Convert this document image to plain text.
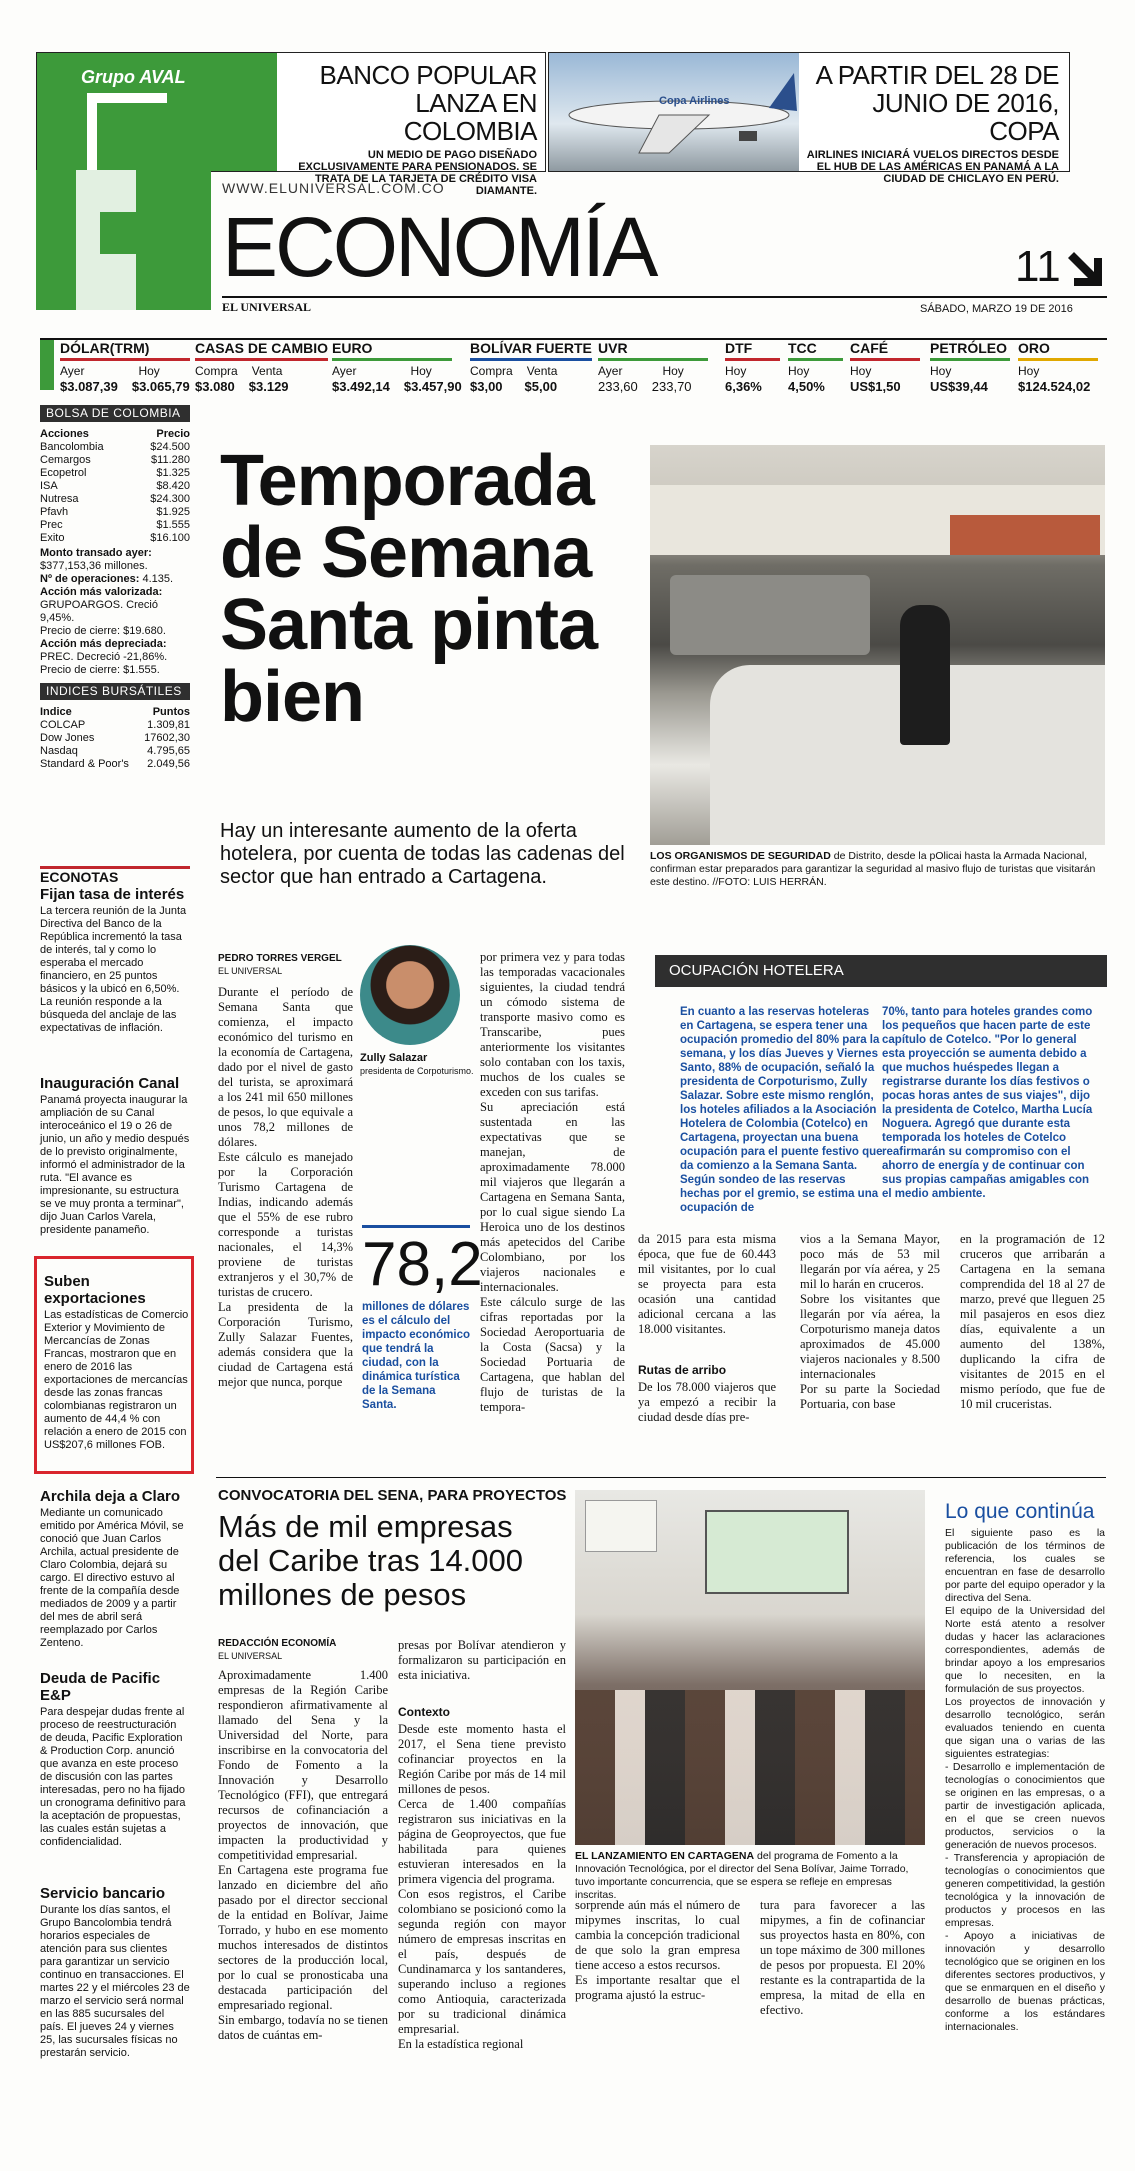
Grupo AVAL	BANCO POPULAR LANZA EN COLOMBIA

UN MEDIO DE PAGO DISEÑADO EXCLUSIVAMENTE PARA PENSIONADOS. SE TRATA DE LA TARJETA DE CRÉDITO VISA DIAMANTE.

Copa Airlines
A PARTIR DEL 28 DE JUNIO DE 2016, COPA

AIRLINES INICIARÁ VUELOS DIRECTOS DESDE EL HUB DE LAS AMÉRICAS EN PANAMÁ A LA CIUDAD DE CHICLAYO EN PERÚ.

WWW.ELUNIVERSAL.COM.CO
ECONOMÍA
EL UNIVERSAL
11
SÁBADO, MARZO 19 DE 2016
DÓLAR(TRM)
Ayer	Hoy
$3.087,39 $3.065,79
CASAS DE CAMBIO
Compra Venta
$3.080 $3.129
EURO
Ayer	Hoy
$3.492,14 $3.457,90
BOLÍVAR FUERTE
Compra Venta
$3,00 $5,00
UVR
Ayer	Hoy
233,60 233,70
DTF
Hoy
6,36%
TCC
Hoy
4,50%
CAFÉ
Hoy
US$1,50
PETRÓLEO
Hoy
US$39,44
ORO
Hoy
$124.524,02
BOLSA DE COLOMBIA
Acciones	Precio
Bancolombia	$24.500
Cemargos	$11.280
Ecopetrol	$1.325
ISA	$8.420
Nutresa	$24.300
Pfavh	$1.925
Prec	$1.555
Exito	$16.100
Monto transado ayer:
$377,153,36 millones.
Nº de operaciones: 4.135.
Acción más valorizada:
GRUPOARGOS. Creció 9,45%.
Precio de cierre: $19.680.
Acción más depreciada:
PREC. Decreció -21,86%.
Precio de cierre: $1.555.
INDICES BURSÁTILES
Indice	Puntos
COLCAP	1.309,81
Dow Jones	17602,30
Nasdaq	4.795,65
Standard & Poor's 2.049,56
ECONOTAS
Fijan tasa de interés

La tercera reunión de la Junta Directiva del Banco de la República incrementó la tasa de interés, tal y como lo esperaba el mercado financiero, en 25 puntos básicos y la ubicó en 6,50%. La reunión responde a la búsqueda del anclaje de las expectativas de inflación.

Inauguración Canal

Panamá proyecta inaugurar la ampliación de su Canal interoceánico el 19 o 26 de junio, un año y medio después de lo previsto originalmente, informó el administrador de la ruta. "El avance es impresionante, su estructura se ve muy pronta a terminar", dijo Juan Carlos Varela, presidente panameño.

Suben exportaciones

Las estadísticas de Comercio Exterior y Movimiento de Mercancías de Zonas Francas, mostraron que en enero de 2016 las exportaciones de mercancías desde las zonas francas colombianas registraron un aumento de 44,4 % con relación a enero de 2015 con US$207,6 millones FOB.

Archila deja a Claro

Mediante un comunicado emitido por América Móvil, se conoció que Juan Carlos Archila, actual presidente de Claro Colombia, dejará su cargo. El directivo estuvo al frente de la compañía desde mediados de 2009 y a partir del mes de abril será reemplazado por Carlos Zenteno.

Deuda de Pacific E&P

Para despejar dudas frente al proceso de reestructuración de deuda, Pacific Exploration & Production Corp. anunció que avanza en este proceso de discusión con las partes interesadas, pero no ha fijado un cronograma definitivo para la aceptación de propuestas, las cuales están sujetas a confidencialidad.

Servicio bancario

Durante los días santos, el Grupo Bancolombia tendrá horarios especiales de atención para sus clientes para garantizar un servicio continuo en transacciones. El martes 22 y el miércoles 23 de marzo el servicio será normal en las 885 sucursales del país. El jueves 24 y viernes 25, las sucursales físicas no prestarán servicio.

Temporada de Semana Santa pinta bien
Hay un interesante aumento de la oferta hotelera, por cuenta de todas las cadenas del sector que han entrado a Cartagena.
LOS ORGANISMOS DE SEGURIDAD de Distrito, desde la pOlicai hasta la Armada Nacional, confirman estar preparados para garantizar la seguridad al masivo flujo de turistas que visitarán este destino. //FOTO: LUIS HERRÁN.
PEDRO TORRES VERGEL
EL UNIVERSAL
Zully Salazar
presidenta de Corpoturismo.

Durante el período de Semana Santa que comienza, el impacto económico del turismo en la economía de Cartagena, dado por el nivel de gasto del turista, se aproximará a los 241 mil 650 millones de pesos, lo que equivale a unos 78,2 millones de dólares.
Este cálculo es manejado por la Corporación Turismo Cartagena de Indias, indicando además que el 55% de ese rubro corresponde a turistas nacionales, el 14,3% proviene de turistas extranjeros y el 30,7% de turistas de crucero.
La presidenta de la Corporación Turismo, Zully Salazar Fuentes, además considera que la ciudad de Cartagena está mejor que nunca, porque

por primera vez y para todas las temporadas vacacionales siguientes, la ciudad tendrá un cómodo sistema de transporte masivo como es Transcaribe, pues anteriormente los visitantes solo contaban con los taxis, muchos de los cuales se exceden con sus tarifas.
Su apreciación está sustentada en las expectativas que se manejan, de aproximadamente 78.000 mil viajeros que llegarán a Cartagena en Semana Santa, por lo cual sigue siendo La Heroica uno de los destinos más apetecidos del Caribe Colombiano, por los viajeros nacionales e internacionales.
Este cálculo surge de las cifras reportadas por la Sociedad Aeroportuaria de la Costa (Sacsa) y la Sociedad Portuaria de Cartagena, que hablan del flujo de turistas de la tempora-

78,2
millones de dólares es el cálculo del impacto económico que tendrá la ciudad, con la dinámica turística de la Semana Santa.
OCUPACIÓN HOTELERA
En cuanto a las reservas hoteleras en Cartagena, se espera tener una ocupación promedio del 80% para la semana, y los días Jueves y Viernes Santo, 88% de ocupación, señaló la presidenta de Corpoturismo, Zully Salazar. Sobre este mismo renglón, los hoteles afiliados a la Asociación Hotelera de Colombia (Cotelco) en Cartagena, proyectan una buena ocupación para el puente festivo que da comienzo a la Semana Santa. Según sondeo de las reservas hechas por el gremio, se estima una ocupación de
70%, tanto para hoteles grandes como los pequeños que hacen parte de este capítulo de Cotelco. "Por lo general esta proyección se aumenta debido a que muchos huéspedes llegan a registrarse durante los días festivos o pocas horas antes de sus viajes", dijo la presidenta de Cotelco, Martha Lucía Noguera. Agregó que durante esta temporada los hoteles de Cotelco reafirmarán su compromiso con el ahorro de energía y de continuar con sus propias campañas amigables con el medio ambiente.

da 2015 para esta misma época, que fue de 60.443 mil visitantes, por lo cual se proyecta para esta ocasión una cantidad adicional cercana a las 18.000 visitantes.

Rutas de arribo

De los 78.000 viajeros que ya empezó a recibir la ciudad desde días pre-

vios a la Semana Mayor, poco más de 53 mil llegarán por vía aérea, y 25 mil lo harán en cruceros.
Sobre los visitantes que llegarán por vía aérea, la Corpoturismo maneja datos aproximados de 45.000 viajeros nacionales y 8.500 internacionales
Por su parte la Sociedad Portuaria, con base

en la programación de 12 cruceros que arribarán a Cartagena en la semana comprendida del 18 al 27 de marzo, prevé que lleguen 25 mil pasajeros en esos diez días, equivalente a un aumento del 138%, duplicando la cifra de visitantes de 2015 en el mismo período, que fue de 10 mil cruceristas.

CONVOCATORIA DEL SENA, PARA PROYECTOS
Más de mil empresas del Caribe tras 14.000 millones de pesos
REDACCIÓN ECONOMÍA
EL UNIVERSAL

Aproximadamente 1.400 empresas de la Región Caribe respondieron afirmativamente al llamado del Sena y la Universidad del Norte, para inscribirse en la convocatoria del Fondo de Fomento a la Innovación y Desarrollo Tecnológico (FFI), que entregará recursos de cofinanciación a proyectos de innovación, que impacten la productividad y competitividad empresarial.
En Cartagena este programa fue lanzado en diciembre del año pasado por el director seccional de la entidad en Bolívar, Jaime Torrado, y hubo en ese momento muchos interesados de distintos sectores de la producción local, por lo cual se pronosticaba una destacada participación del empresariado regional.
Sin embargo, todavía no se tienen datos de cuántas em-

presas por Bolívar atendieron y formalizaron su participación en esta iniciativa.

Contexto

Desde este momento hasta el 2017, el Sena tiene previsto cofinanciar proyectos en la Región Caribe por más de 14 mil millones de pesos.
Cerca de 1.400 compañías registraron sus iniciativas en la página de Geoproyectos, que fue habilitada para quienes estuvieran interesados en la primera vigencia del programa.
Con esos registros, el Caribe colombiano se posicionó como la segunda región con mayor número de empresas inscritas en el país, después de Cundinamarca y los santanderes, superando incluso a regiones como Antioquia, caracterizada por su tradicional dinámica empresarial.
En la estadística regional

EL LANZAMIENTO EN CARTAGENA del programa de Fomento a la Innovación Tecnológica, por el director del Sena Bolívar, Jaime Torrado, tuvo importante concurrencia, que se espera se refleje en empresas inscritas.

sorprende aún más el número de mipymes inscritas, lo cual cambia la concepción tradicional de que solo la gran empresa tiene acceso a estos recursos.
Es importante resaltar que el programa ajustó la estruc-

tura para favorecer a las mipymes, a fin de cofinanciar sus proyectos hasta en 80%, con un tope máximo de 300 millones de pesos por propuesta. El 20% restante es la contrapartida de la empresa, la mitad de ella en efectivo.

Lo que continúa

El siguiente paso es la publicación de los términos de referencia, los cuales se encuentran en fase de desarrollo por parte del equipo operador y la directiva del Sena.
El equipo de la Universidad del Norte está atento a resolver dudas y hacer las aclaraciones correspondientes, además de brindar apoyo a los empresarios que lo necesiten, en la formulación de sus proyectos.
Los proyectos de innovación y desarrollo tecnológico, serán evaluados teniendo en cuenta que sigan una o varias de las siguientes estrategias:
- Desarrollo e implementación de tecnologías o conocimientos que se originen en las empresas, o a partir de investigación aplicada, en el que se creen nuevos productos, servicios o la generación de nuevos procesos.
- Transferencia y apropiación de tecnologías o conocimientos que generen competitividad, la gestión tecnológica y la innovación de productos y procesos en las empresas.
- Apoyo a iniciativas de innovación y desarrollo tecnológico que se originen en los diferentes sectores productivos, y que se enmarquen en el diseño y desarrollo de buenas prácticas, conforme a los estándares internacionales.
